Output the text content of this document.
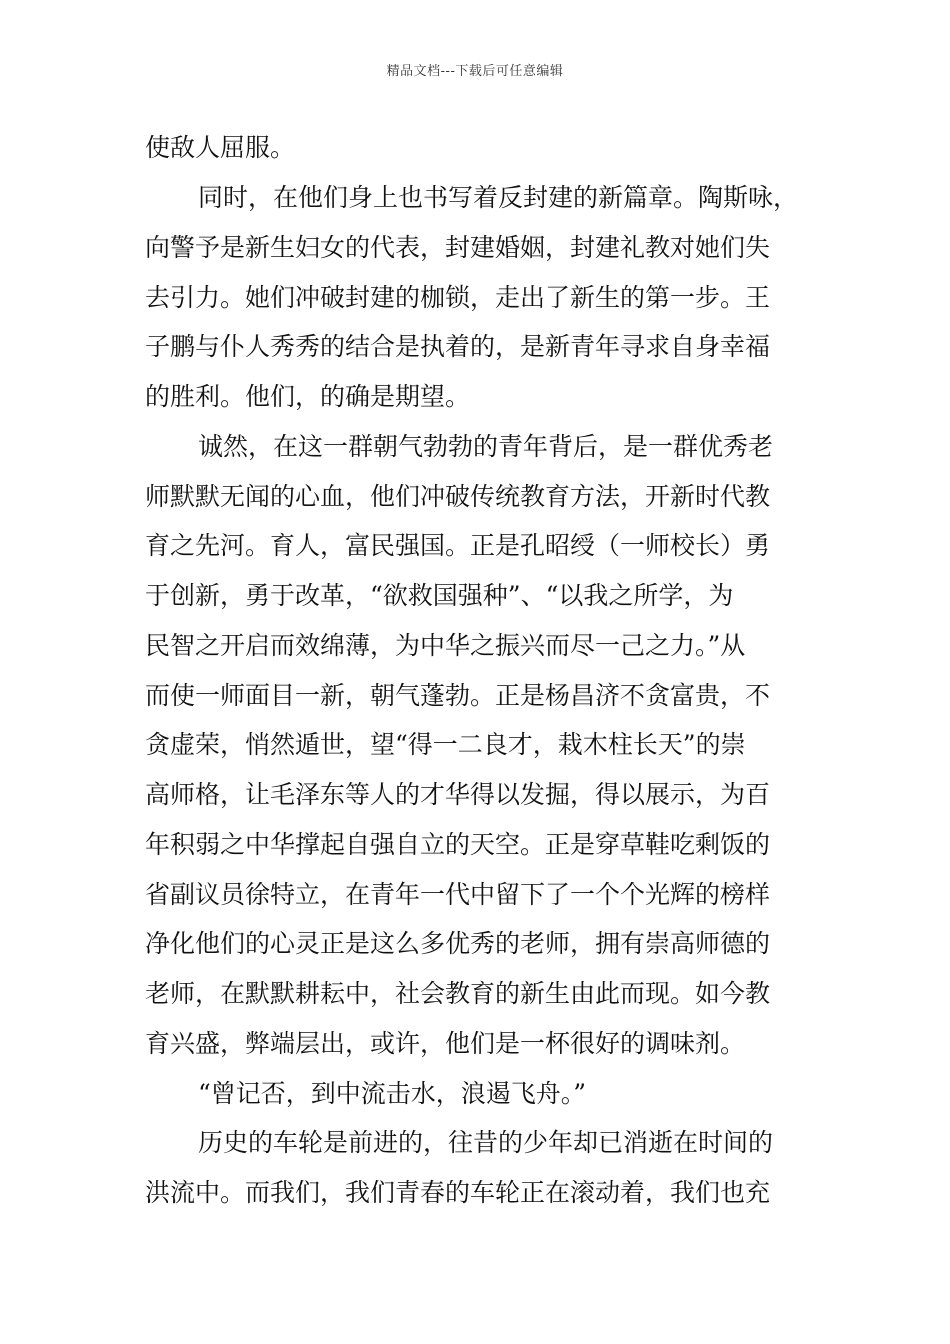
精品文档---下载后可任意编辑
使敌人屈服。
同时，在他们身上也书写着反封建的新篇章。陶斯咏，
向警予是新生妇女的代表，封建婚姻，封建礼教对她们失
去引力。她们冲破封建的枷锁，走出了新生的第一步。王
子鹏与仆人秀秀的结合是执着的，是新青年寻求自身幸福
的胜利。他们，的确是期望。
诚然，在这一群朝气勃勃的青年背后，是一群优秀老
师默默无闻的心血，他们冲破传统教育方法，开新时代教
育之先河。育人，富民强国。正是孔昭绶（一师校长）勇
于创新，勇于改革，“欲救国强种”、“以我之所学，为
民智之开启而效绵薄，为中华之振兴而尽一己之力。”从
而使一师面目一新，朝气蓬勃。正是杨昌济不贪富贵，不
贪虚荣，悄然遁世，望“得一二良才，栽木柱长天”的崇
高师格，让毛泽东等人的才华得以发掘，得以展示，为百
年积弱之中华撑起自强自立的天空。正是穿草鞋吃剩饭的
省副议员徐特立，在青年一代中留下了一个个光辉的榜样
净化他们的心灵正是这么多优秀的老师，拥有崇高师德的
老师，在默默耕耘中，社会教育的新生由此而现。如今教
育兴盛，弊端层出，或许，他们是一杯很好的调味剂。
“曾记否，到中流击水，浪遏飞舟。”
历史的车轮是前进的，往昔的少年却已消逝在时间的
洪流中。而我们，我们青春的车轮正在滚动着，我们也充
